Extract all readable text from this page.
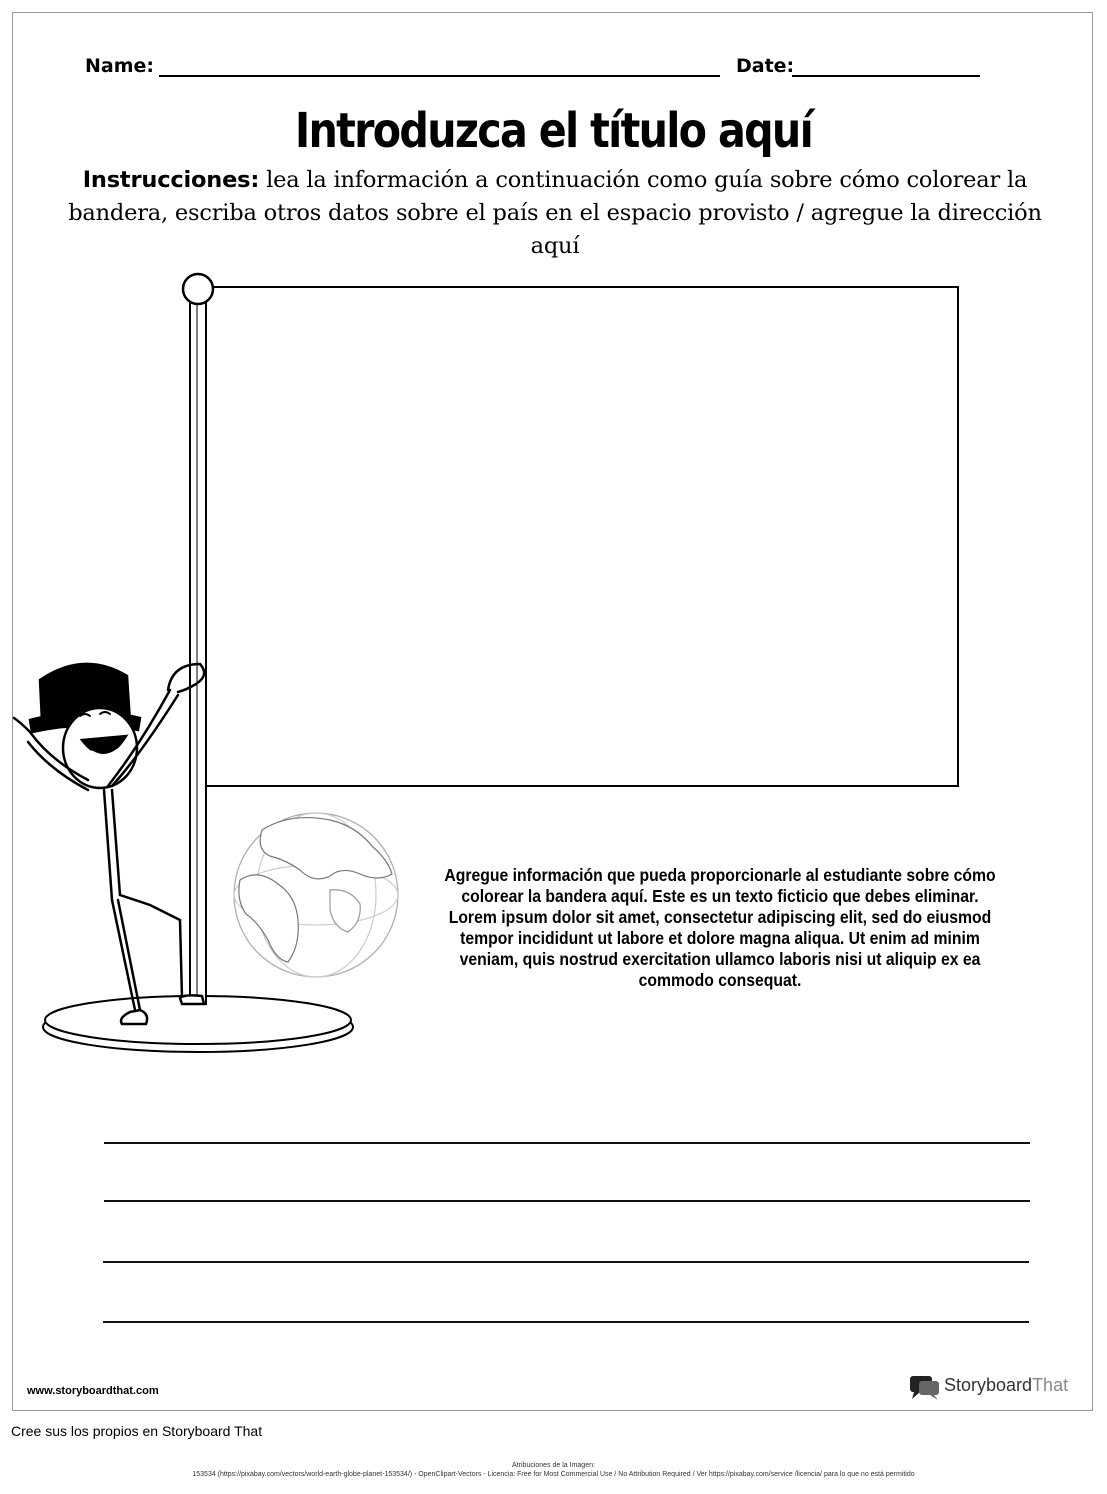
Name:	Date:
Introduzca el título aquí
Instrucciones: lea la información a continuación como guía sobre cómo colorear la bandera, escriba otros datos sobre el país en el espacio provisto / agregue la dirección aquí
Agregue información que pueda proporcionarle al estudiante sobre cómo colorear la bandera aquí. Este es un texto ficticio que debes eliminar. Lorem ipsum dolor sit amet, consectetur adipiscing elit, sed do eiusmod tempor incididunt ut labore et dolore magna aliqua. Ut enim ad minim veniam, quis nostrud exercitation ullamco laboris nisi ut aliquip ex ea commodo consequat.
www.storyboardthat.com	StoryboardThat
Cree sus los propios en Storyboard That
Atribuciones de la Imagen:
153534 (https://pixabay.com/vectors/world-earth-globe-planet-153534/) - OpenClipart-Vectors - Licencia: Free for Most Commercial Use / No Attribution Required / Ver https://pixabay.com/service /licencia/ para lo que no está permitido
